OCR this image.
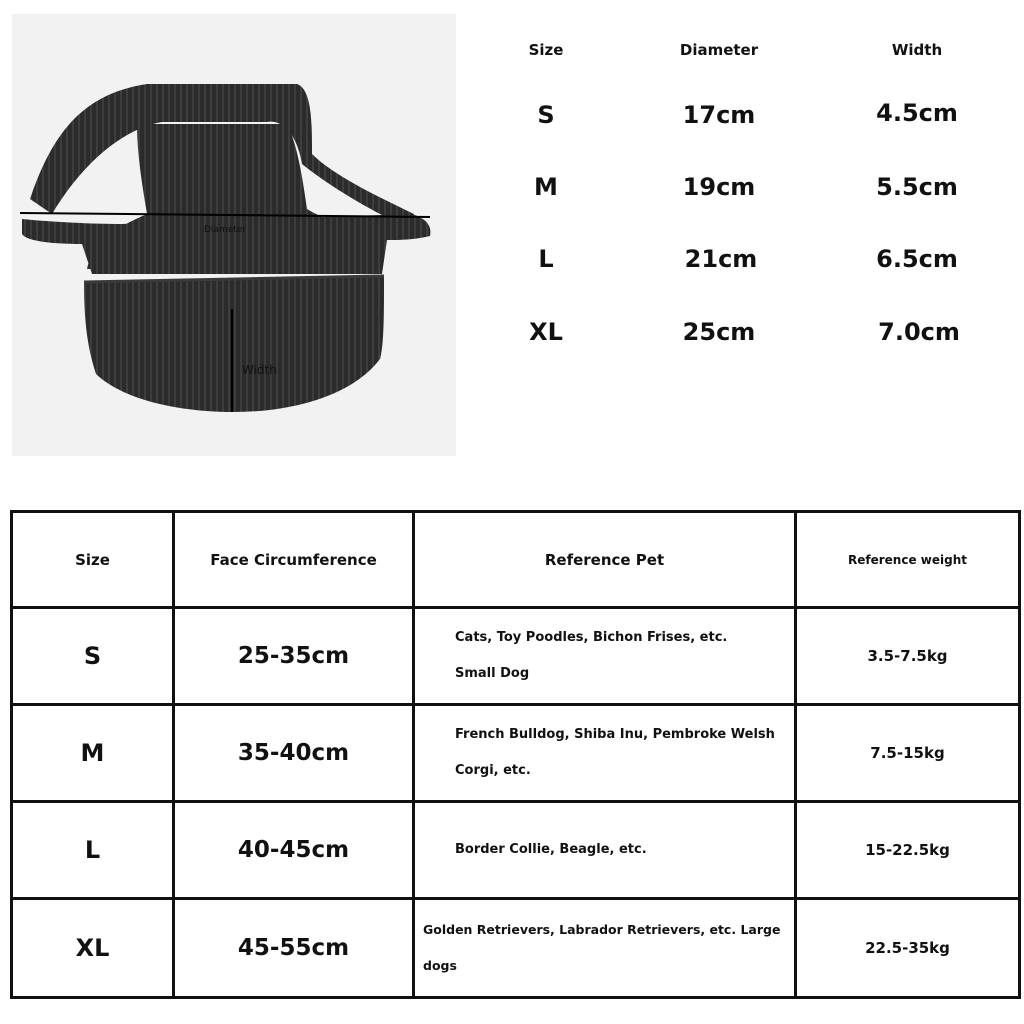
Diameter
Width
Size	Diameter	Width
S	17cm	4.5cm
M	19cm	5.5cm
L	21cm	6.5cm
XL	25cm	7.0cm
Size	Face Circumference	Reference Pet	Reference weight
S	25-35cm	Cats, Toy Poodles, Bichon Frises, etc. Small Dog	3.5-7.5kg
M	35-40cm	French Bulldog, Shiba Inu, Pembroke Welsh Corgi, etc.	7.5-15kg
L	40-45cm	Border Collie, Beagle, etc.	15-22.5kg
XL	45-55cm	Golden Retrievers, Labrador Retrievers, etc. Large dogs	22.5-35kg
